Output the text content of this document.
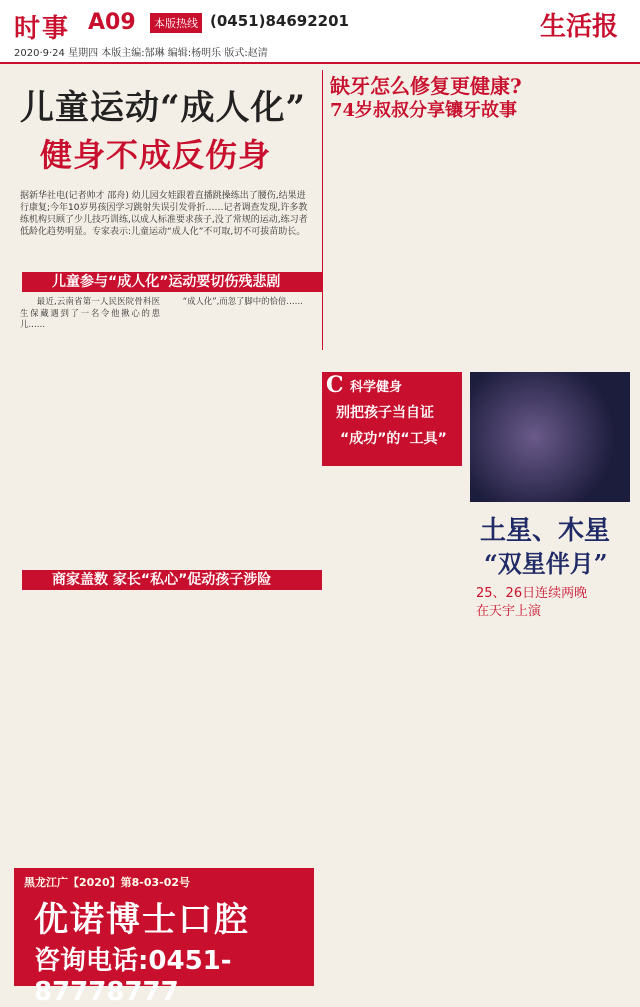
时事 A09	本版热线 (0451)84692201	生活报
2020·9·24 星期四 本版主编:郜琳 编辑:杨明乐 版式:赵清
儿童运动“成人化”
健身不成反伤身
据新华社电(记者帅才 邵舟) 幼儿园女娃跟着直播跳操练出了腰伤,结果进行康复;今年10岁男孩因学习跳射失误引发骨折……记者调查发现,许多教练机构只顾了少儿技巧训练,以成人标准要求孩子,没了常规的运动,练习者低龄化趋势明显。专家表示:儿童运动“成人化”不可取,切不可拔苗助长。
儿童参与“成人化”运动要切伤残悲剧

最近,云南省第一人民医院骨科医生保藏遇到了一名令他揪心的患儿……

“成人化”,而忽了脚中的恰倍……

商家盖数 家长“私心”促动孩子涉险
缺牙怎么修复更健康?
74岁叔叔分享镶牙故事
科学健身
别把孩子当自证
“成功”的“工具”
C
土星、木星
“双星伴月”
25、26日连续两晚
在天宇上演
黑龙江广【2020】第8-03-02号
优诺博士口腔
咨询电话:0451-87778777
